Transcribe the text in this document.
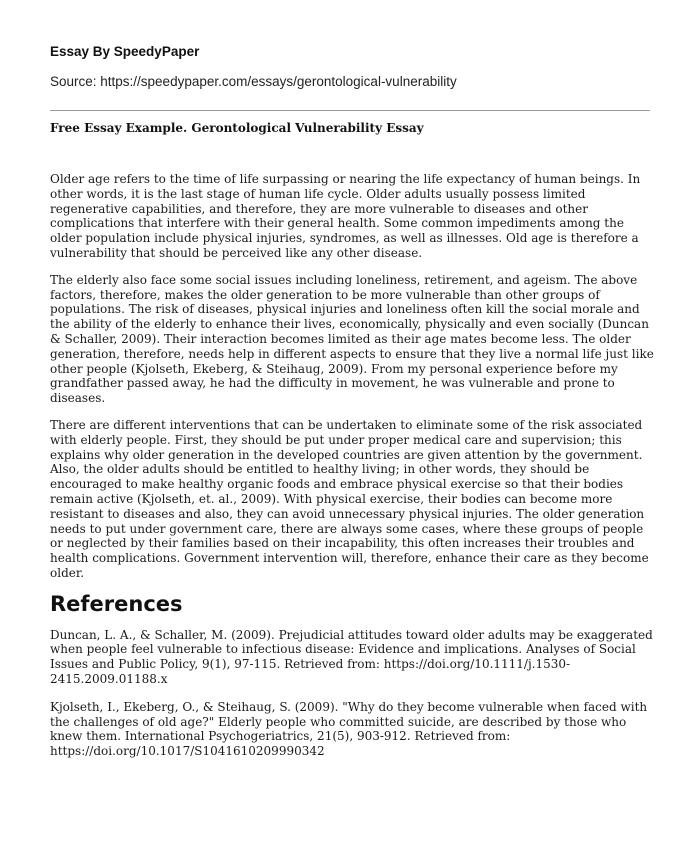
Essay By SpeedyPaper

Source: https://speedypaper.com/essays/gerontological-vulnerability

Free Essay Example. Gerontological Vulnerability Essay

Older age refers to the time of life surpassing or nearing the life expectancy of human beings. In other words, it is the last stage of human life cycle. Older adults usually possess limited regenerative capabilities, and therefore, they are more vulnerable to diseases and other complications that interfere with their general health. Some common impediments among the older population include physical injuries, syndromes, as well as illnesses. Old age is therefore a vulnerability that should be perceived like any other disease.

The elderly also face some social issues including loneliness, retirement, and ageism. The above factors, therefore, makes the older generation to be more vulnerable than other groups of populations. The risk of diseases, physical injuries and loneliness often kill the social morale and the ability of the elderly to enhance their lives, economically, physically and even socially (Duncan & Schaller, 2009). Their interaction becomes limited as their age mates become less. The older generation, therefore, needs help in different aspects to ensure that they live a normal life just like other people (Kjolseth, Ekeberg, & Steihaug, 2009). From my personal experience before my grandfather passed away, he had the difficulty in movement, he was vulnerable and prone to diseases.

There are different interventions that can be undertaken to eliminate some of the risk associated with elderly people. First, they should be put under proper medical care and supervision; this explains why older generation in the developed countries are given attention by the government. Also, the older adults should be entitled to healthy living; in other words, they should be encouraged to make healthy organic foods and embrace physical exercise so that their bodies remain active (Kjolseth, et. al., 2009). With physical exercise, their bodies can become more resistant to diseases and also, they can avoid unnecessary physical injuries. The older generation needs to put under government care, there are always some cases, where these groups of people or neglected by their families based on their incapability, this often increases their troubles and health complications. Government intervention will, therefore, enhance their care as they become older.

References

Duncan, L. A., & Schaller, M. (2009). Prejudicial attitudes toward older adults may be exaggerated when people feel vulnerable to infectious disease: Evidence and implications. Analyses of Social Issues and Public Policy, 9(1), 97-115. Retrieved from: https://doi.org/10.1111/j.1530-2415.2009.01188.x

Kjolseth, I., Ekeberg, O., & Steihaug, S. (2009). "Why do they become vulnerable when faced with the challenges of old age?" Elderly people who committed suicide, are described by those who knew them. International Psychogeriatrics, 21(5), 903-912. Retrieved from: https://doi.org/10.1017/S1041610209990342
